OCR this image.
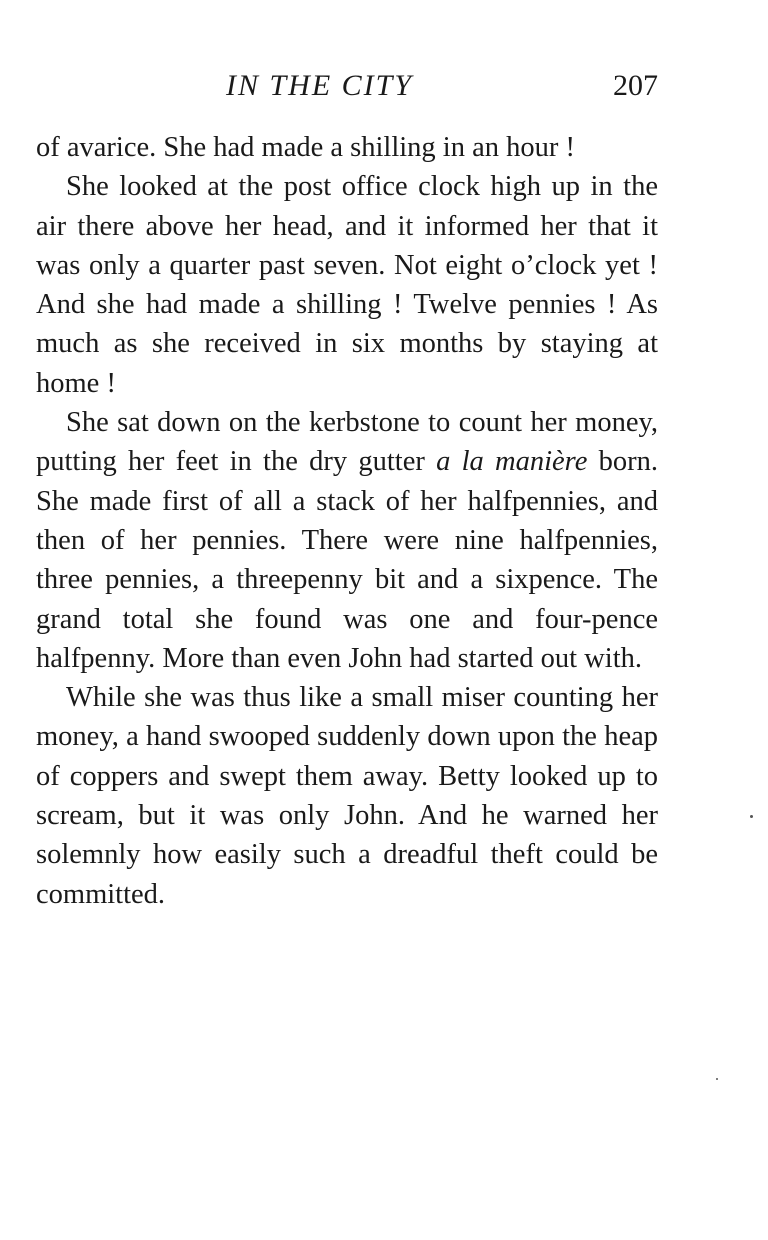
IN THE CITY	207

of avarice. She had made a shilling in an hour !

She looked at the post office clock high up in the air there above her head, and it informed her that it was only a quarter past seven. Not eight o’clock yet ! And she had made a shilling ! Twelve pennies ! As much as she received in six months by staying at home !

She sat down on the kerbstone to count her money, putting her feet in the dry gutter a la manière born. She made first of all a stack of her halfpennies, and then of her pennies. There were nine halfpennies, three pennies, a threepenny bit and a sixpence. The grand total she found was one and four-pence halfpenny. More than even John had started out with.

While she was thus like a small miser counting her money, a hand swooped suddenly down upon the heap of coppers and swept them away. Betty looked up to scream, but it was only John. And he warned her solemnly how easily such a dreadful theft could be committed.
